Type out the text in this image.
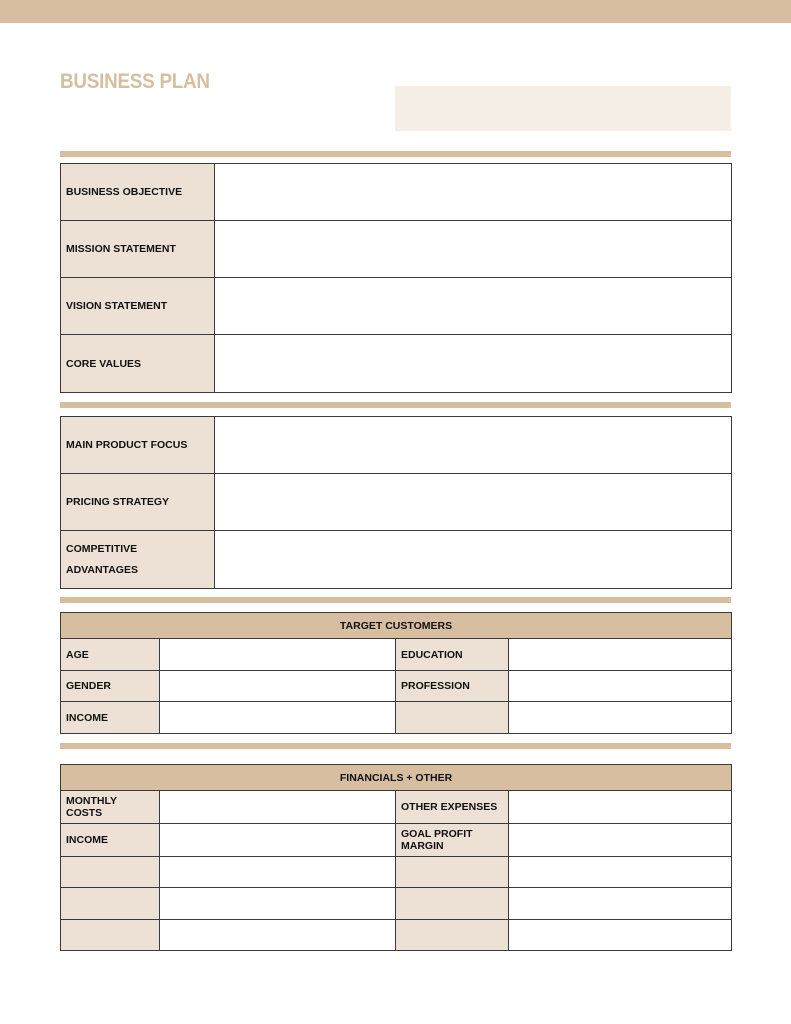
BUSINESS PLAN
BUSINESS OBJECTIVE	
MISSION STATEMENT	
VISION STATEMENT	
CORE VALUES	
MAIN PRODUCT FOCUS	
PRICING STRATEGY	

COMPETITIVE ADVANTAGES	

TARGET CUSTOMERS			
AGE		EDUCATION	
GENDER		PROFESSION	
INCOME			
FINANCIALS + OTHER			

MONTHLY COSTS		OTHER EXPENSES	
INCOME		GOAL PROFIT MARGIN	
